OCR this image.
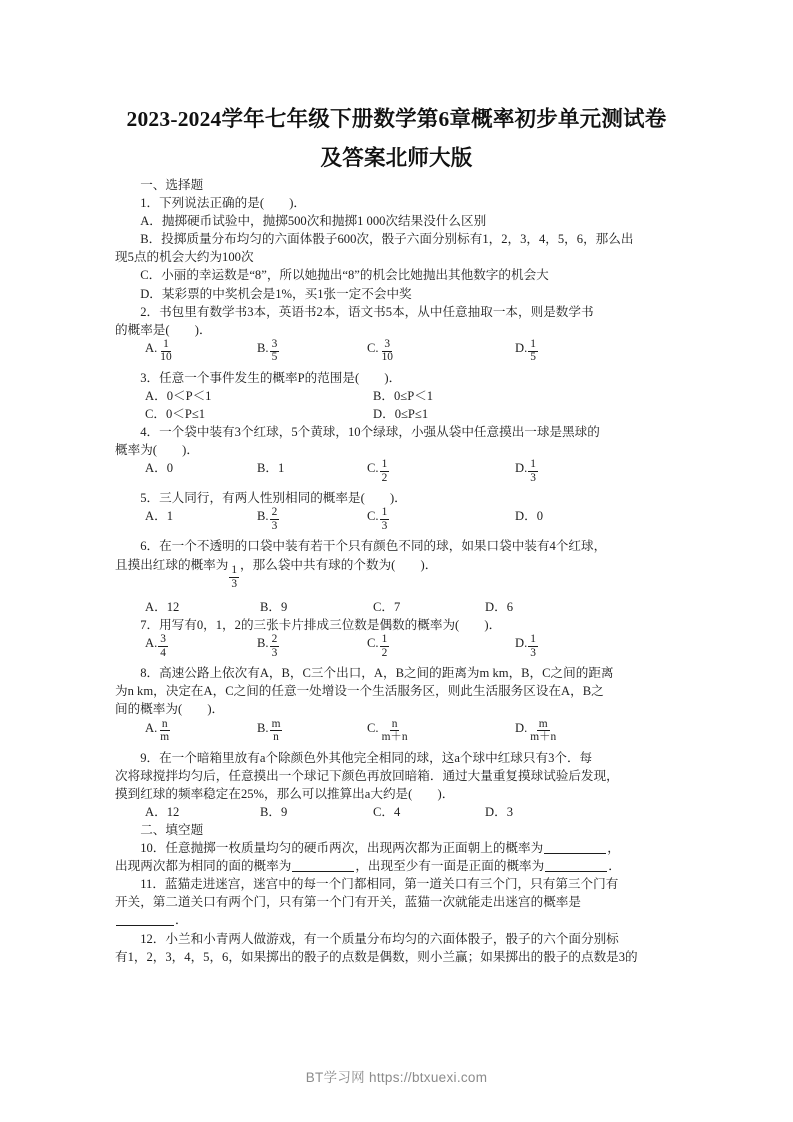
2023-2024学年七年级下册数学第6章概率初步单元测试卷
及答案北师大版

一、选择题

1．下列说法正确的是(　　)．

A．抛掷硬币试验中，抛掷500次和抛掷1 000次结果没什么区别

B．投掷质量分布均匀的六面体骰子600次，骰子六面分别标有1，2，3，4，5，6，那么出

现5点的机会大约为100次

C．小丽的幸运数是“8”，所以她抛出“8”的机会比她抛出其他数字的机会大

D．某彩票的中奖机会是1%，买1张一定不会中奖

2．书包里有数学书3本，英语书2本，语文书5本，从中任意抽取一本，则是数学书

的概率是(　　)．

A. $\frac{1}{10}$	B. $\frac{3}{5}$	C. $\frac{3}{10}$	D. $\frac{1}{5}$

3．任意一个事件发生的概率P的范围是(　　)．

A．0＜P＜1	B．0≤P＜1
C．0＜P≤1	D．0≤P≤1

4．一个袋中装有3个红球，5个黄球，10个绿球，小强从袋中任意摸出一球是黑球的

概率为(　　)．

A． 0	B． 1	C. $\frac{1}{2}$	D. $\frac{1}{3}$

5．三人同行，有两人性别相同的概率是(　　)．

A． 1	B. $\frac{2}{3}$	C. $\frac{1}{3}$	D． 0

6．在一个不透明的口袋中装有若干个只有颜色不同的球，如果口袋中装有4个红球，

且摸出红球的概率为
$\frac{1}{3}$
，那么袋中共有球的个数为(　　)．

A． 12	B． 9	C． 7	D． 6

7．用写有0，1，2的三张卡片排成三位数是偶数的概率为(　　)．

A. $\frac{3}{4}$	B. $\frac{2}{3}$	C. $\frac{1}{2}$	D. $\frac{1}{3}$

8．高速公路上依次有A，B，C三个出口，A，B之间的距离为m km，B，C之间的距离

为n km，决定在A，C之间的任意一处增设一个生活服务区，则此生活服务区设在A，B之

间的概率为(　　)．

A. $\frac{n}{m}$	B. $\frac{m}{n}$	C. $\frac{n}{m+n}$	D. $\frac{m}{m+n}$

9．在一个暗箱里放有a个除颜色外其他完全相同的球，这a个球中红球只有3个．每

次将球搅拌均匀后，任意摸出一个球记下颜色再放回暗箱．通过大量重复摸球试验后发现，

摸到红球的频率稳定在25%，那么可以推算出a大约是(　　)．

A． 12	B． 9	C． 4	D． 3

二、填空题

10．任意抛掷一枚质量均匀的硬币两次，出现两次都为正面朝上的概率为	，

出现两次都为相同的面的概率为	，出现至少有一面是正面的概率为	．

11．蓝猫走进迷宫，迷宫中的每一个门都相同，第一道关口有三个门，只有第三个门有

开关，第二道关口有两个门，只有第一个门有开关，蓝猫一次就能走出迷宫的概率是

．

12．小兰和小青两人做游戏，有一个质量分布均匀的六面体骰子，骰子的六个面分别标

有1，2，3，4，5，6，如果掷出的骰子的点数是偶数，则小兰赢；如果掷出的骰子的点数是3的

BT学习网 https://btxuexi.com
